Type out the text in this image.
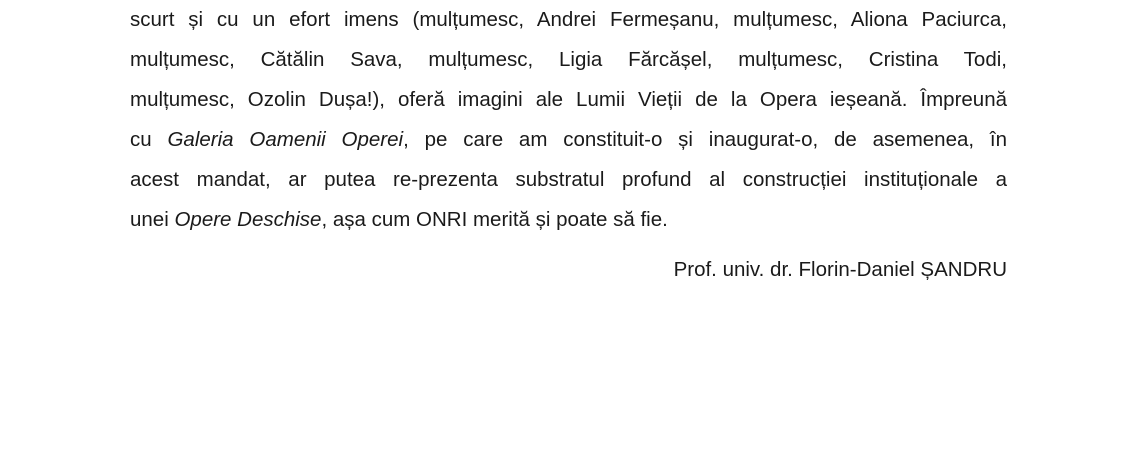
scurt și cu un efort imens (mulțumesc, Andrei Fermeșanu, mulțumesc, Aliona Paciurca,
mulțumesc, Cătălin Sava, mulțumesc, Ligia Fărcășel, mulțumesc, Cristina Todi,
mulțumesc, Ozolin Dușa!), oferă imagini ale Lumii Vieții de la Opera ieșeană. Împreună
cu Galeria Oamenii Operei, pe care am constituit-o și inaugurat-o, de asemenea, în
acest mandat, ar putea re-prezenta substratul profund al construcției instituționale a
unei Opere Deschise, așa cum ONRI merită și poate să fie.
Prof. univ. dr. Florin-Daniel ȘANDRU
